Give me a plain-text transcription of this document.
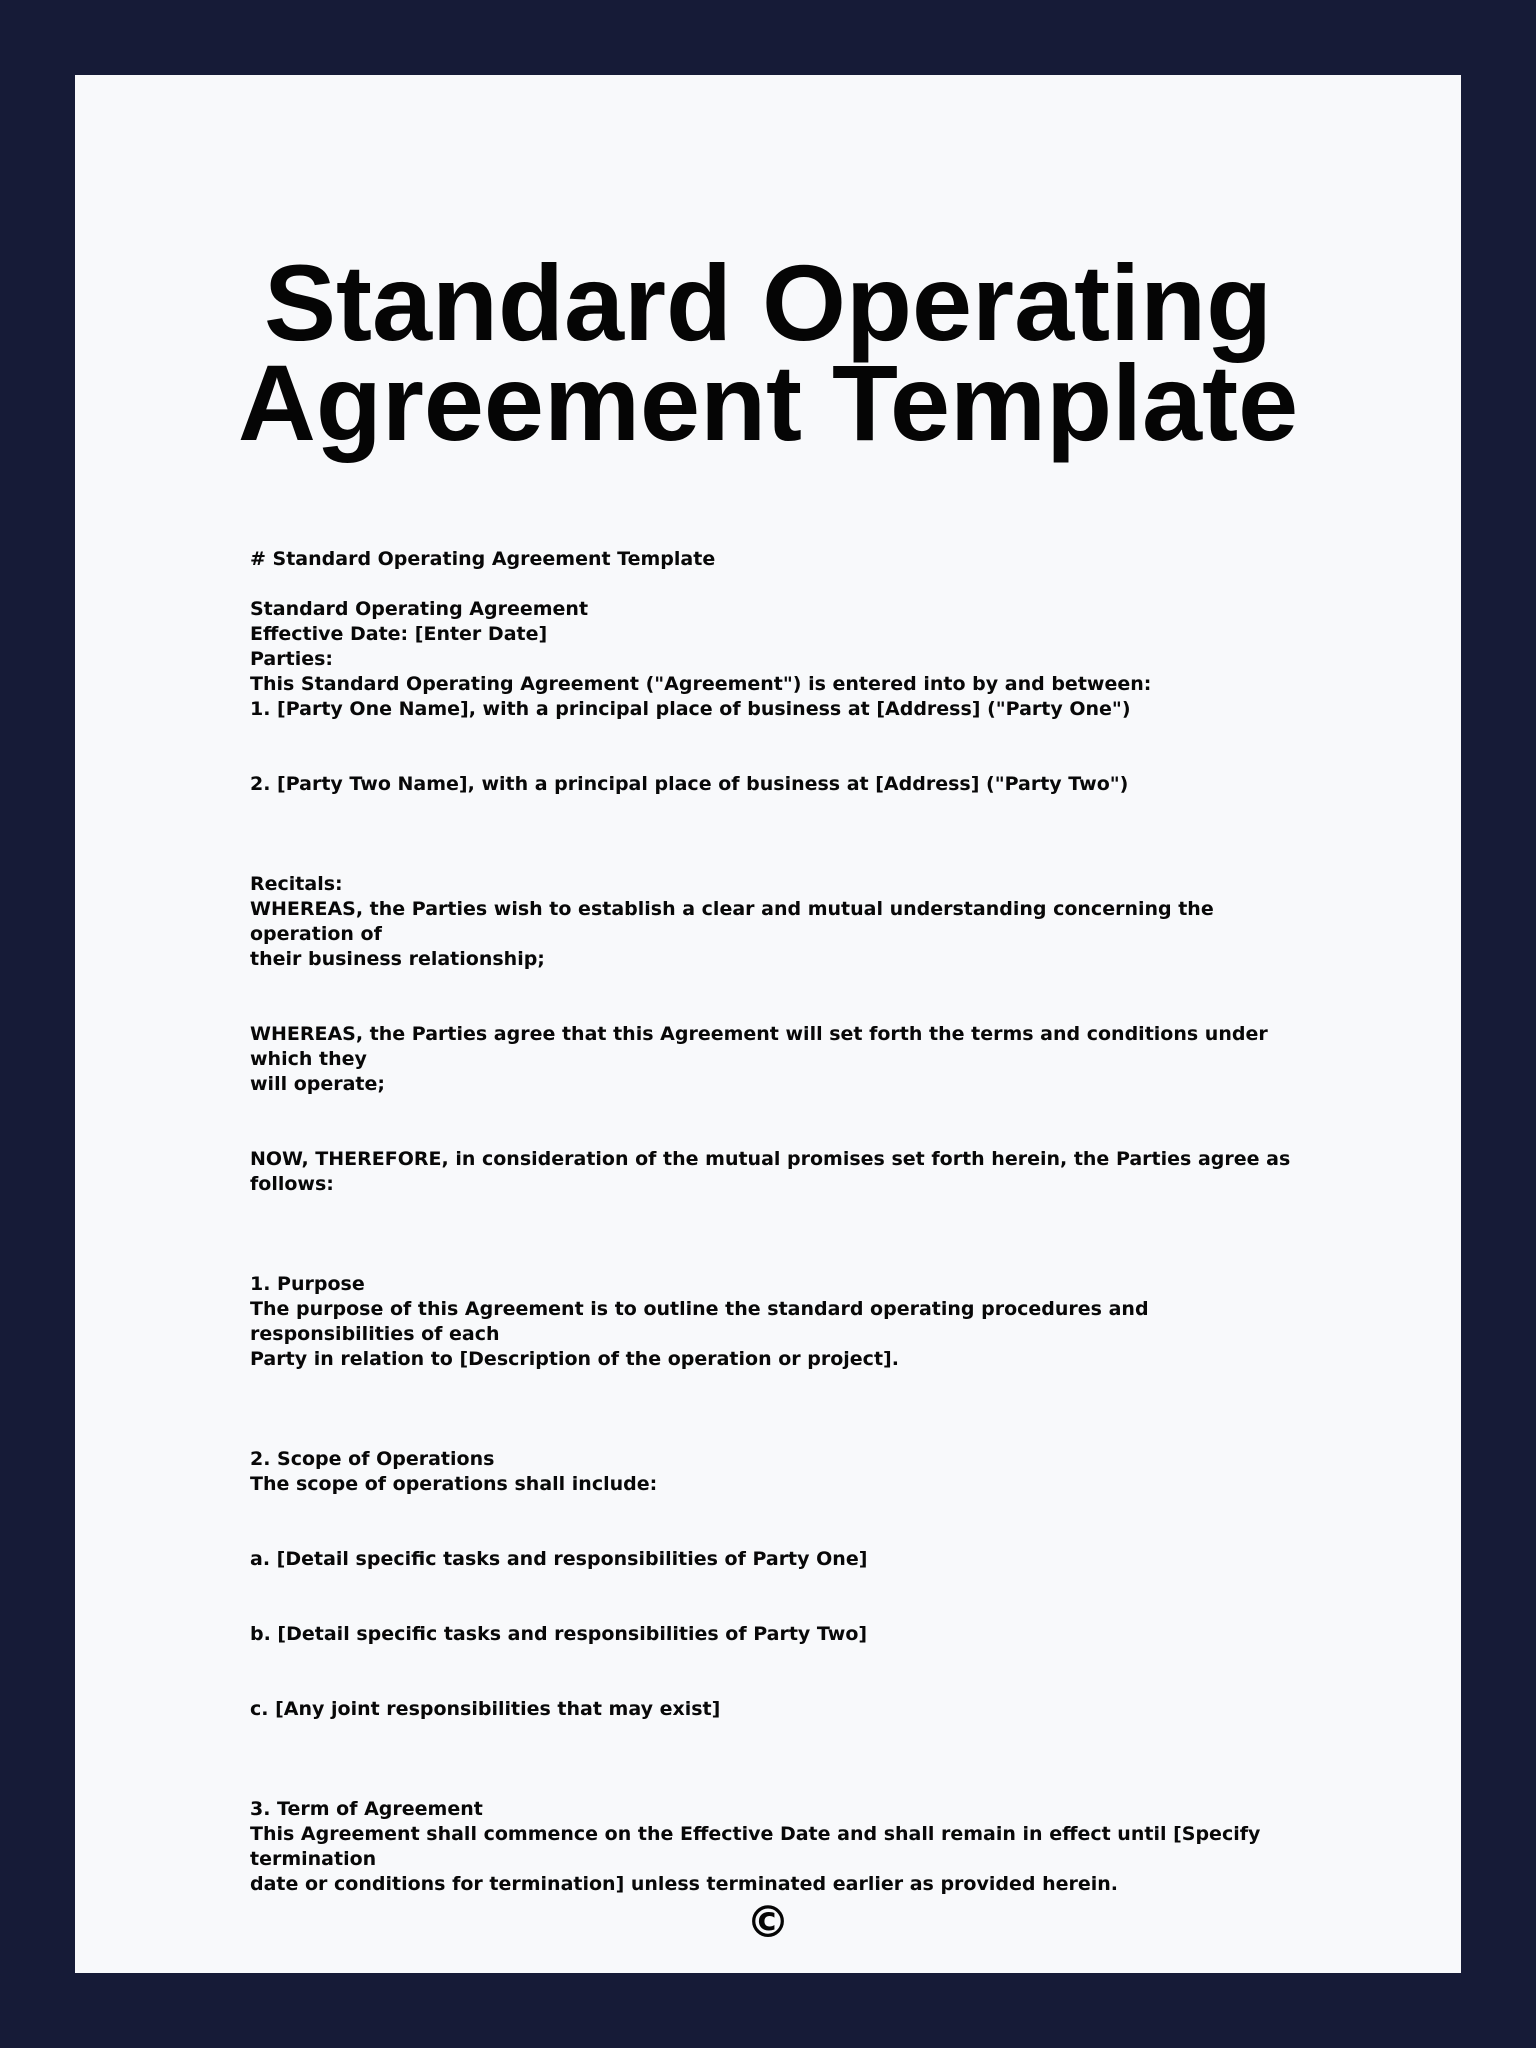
Standard Operating
Agreement Template

# Standard Operating Agreement Template

Standard Operating Agreement

Effective Date: [Enter Date]

Parties:

This Standard Operating Agreement ("Agreement") is entered into by and between:

1. [Party One Name], with a principal place of business at [Address] ("Party One")

2. [Party Two Name], with a principal place of business at [Address] ("Party Two")

Recitals:

WHEREAS, the Parties wish to establish a clear and mutual understanding concerning the operation of

their business relationship;

WHEREAS, the Parties agree that this Agreement will set forth the terms and conditions under which they

will operate;

NOW, THEREFORE, in consideration of the mutual promises set forth herein, the Parties agree as follows:

1. Purpose

The purpose of this Agreement is to outline the standard operating procedures and responsibilities of each

Party in relation to [Description of the operation or project].

2. Scope of Operations

The scope of operations shall include:

a. [Detail specific tasks and responsibilities of Party One]

b. [Detail specific tasks and responsibilities of Party Two]

c. [Any joint responsibilities that may exist]

3. Term of Agreement

This Agreement shall commence on the Effective Date and shall remain in effect until [Specify termination

date or conditions for termination] unless terminated earlier as provided herein.

©
